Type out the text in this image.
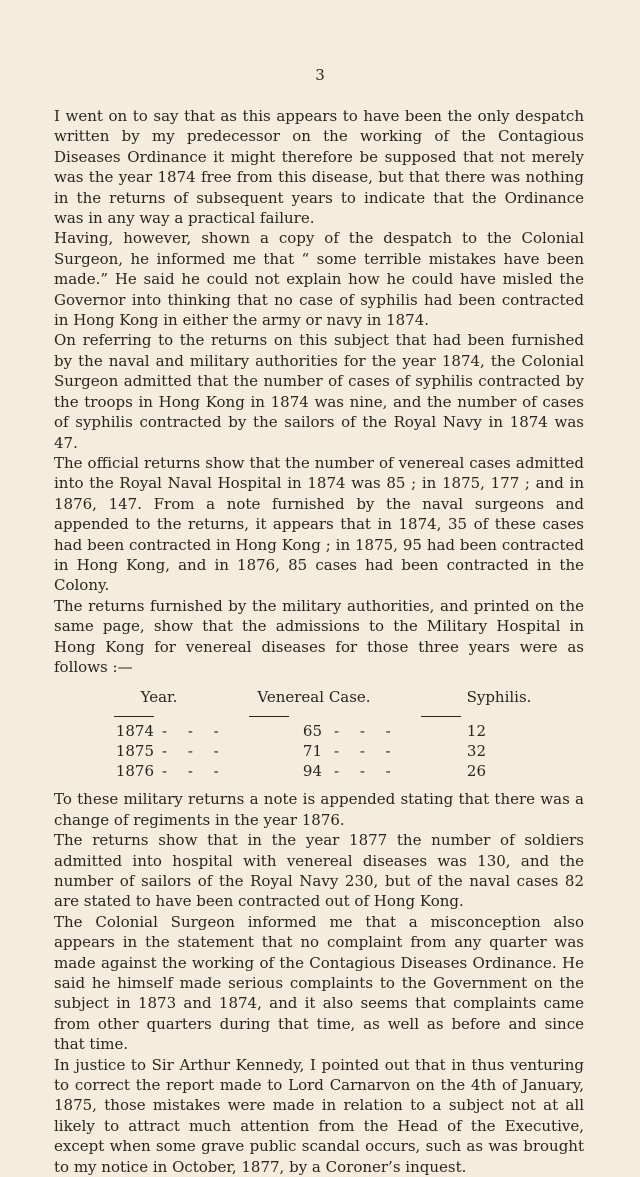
3

I went on to say that as this appears to have been the only despatch written by my predecessor on the working of the Contagious Diseases Ordinance it might therefore be supposed that not merely was the year 1874 free from this disease, but that there was nothing in the returns of subsequent years to indicate that the Ordinance was in any way a practical failure.

Having, however, shown a copy of the despatch to the Colonial Surgeon, he informed me that “ some terrible mistakes have been made.” He said he could not explain how he could have misled the Governor into thinking that no case of syphilis had been contracted in Hong Kong in either the army or navy in 1874.

On referring to the returns on this subject that had been furnished by the naval and military authorities for the year 1874, the Colonial Surgeon admitted that the number of cases of syphilis contracted by the troops in Hong Kong in 1874 was nine, and the number of cases of syphilis contracted by the sailors of the Royal Navy in 1874 was 47.

The official returns show that the number of venereal cases admitted into the Royal Naval Hospital in 1874 was 85 ; in 1875, 177 ; and in 1876, 147. From a note furnished by the naval surgeons and appended to the returns, it appears that in 1874, 35 of these cases had been contracted in Hong Kong ; in 1875, 95 had been contracted in Hong Kong, and in 1876, 85 cases had been contracted in the Colony.

The returns furnished by the military authorities, and printed on the same page, show that the admissions to the Military Hospital in Hong Kong for venereal diseases for those three years were as follows :—

Year.	Venereal Case.	Syphilis.
1874 - - -	65 - - -	12
1875 - - -	71 - - -	32
1876 - - -	94 - - -	26

To these military returns a note is appended stating that there was a change of regiments in the year 1876.

The returns show that in the year 1877 the number of soldiers admitted into hospital with venereal diseases was 130, and the number of sailors of the Royal Navy 230, but of the naval cases 82 are stated to have been contracted out of Hong Kong.

The Colonial Surgeon informed me that a misconception also appears in the statement that no complaint from any quarter was made against the working of the Contagious Diseases Ordinance. He said he himself made serious complaints to the Government on the subject in 1873 and 1874, and it also seems that complaints came from other quarters during that time, as well as before and since that time.

In justice to Sir Arthur Kennedy, I pointed out that in thus venturing to correct the report made to Lord Carnarvon on the 4th of January, 1875, those mistakes were made in relation to a subject not at all likely to attract much attention from the Head of the Executive, except when some grave public scandal occurs, such as was brought to my notice in October, 1877, by a Coroner’s inquest.
